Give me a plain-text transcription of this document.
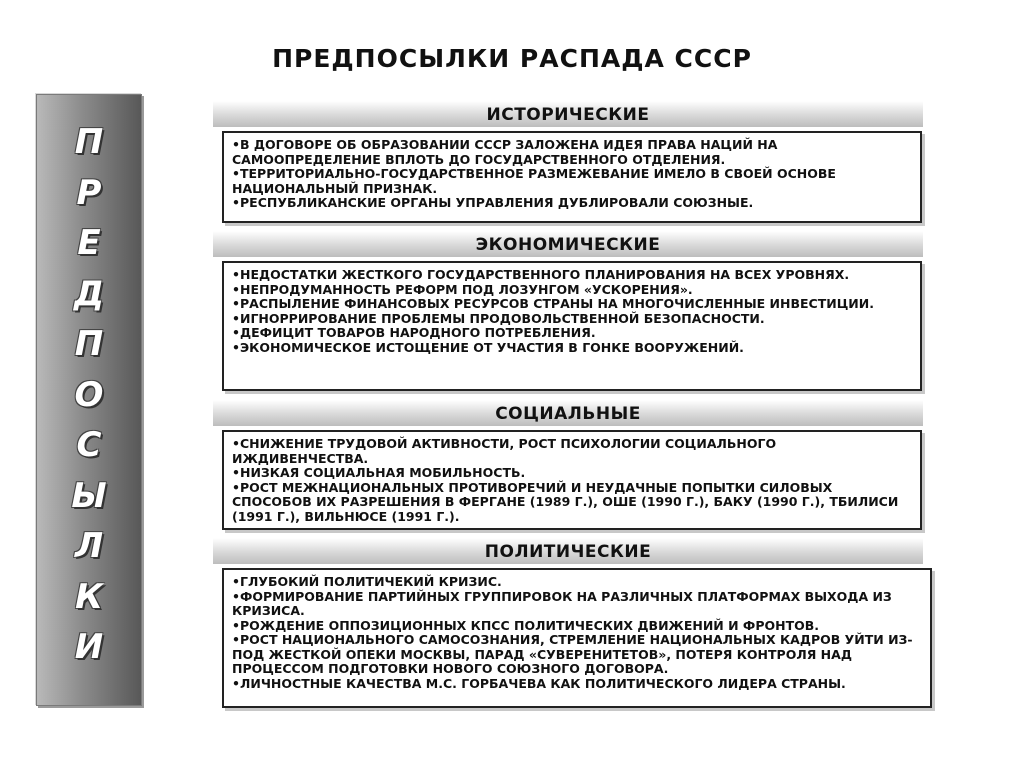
ПРЕДПОСЫЛКИ РАСПАДА СССР
П
Р
Е
Д
П
О
С
Ы
Л
К
И
ИСТОРИЧЕСКИЕ
•В ДОГОВОРЕ ОБ ОБРАЗОВАНИИ СССР ЗАЛОЖЕНА ИДЕЯ ПРАВА НАЦИЙ НА САМООПРЕДЕЛЕНИЕ ВПЛОТЬ ДО ГОСУДАРСТВЕННОГО ОТДЕЛЕНИЯ.
•ТЕРРИТОРИАЛЬНО-ГОСУДАРСТВЕННОЕ РАЗМЕЖЕВАНИЕ ИМЕЛО В СВОЕЙ ОСНОВЕ НАЦИОНАЛЬНЫЙ ПРИЗНАК.
•РЕСПУБЛИКАНСКИЕ ОРГАНЫ УПРАВЛЕНИЯ ДУБЛИРОВАЛИ СОЮЗНЫЕ.
ЭКОНОМИЧЕСКИЕ
•НЕДОСТАТКИ ЖЕСТКОГО ГОСУДАРСТВЕННОГО ПЛАНИРОВАНИЯ НА ВСЕХ УРОВНЯХ.
•НЕПРОДУМАННОСТЬ РЕФОРМ ПОД ЛОЗУНГОМ «УСКОРЕНИЯ».
•РАСПЫЛЕНИЕ ФИНАНСОВЫХ РЕСУРСОВ СТРАНЫ НА МНОГОЧИСЛЕННЫЕ ИНВЕСТИЦИИ.
•ИГНОРРИРОВАНИЕ ПРОБЛЕМЫ ПРОДОВОЛЬСТВЕННОЙ БЕЗОПАСНОСТИ.
•ДЕФИЦИТ ТОВАРОВ НАРОДНОГО ПОТРЕБЛЕНИЯ.
•ЭКОНОМИЧЕСКОЕ ИСТОЩЕНИЕ ОТ УЧАСТИЯ В ГОНКЕ ВООРУЖЕНИЙ.
СОЦИАЛЬНЫЕ
•СНИЖЕНИЕ ТРУДОВОЙ АКТИВНОСТИ, РОСТ ПСИХОЛОГИИ СОЦИАЛЬНОГО ИЖДИВЕНЧЕСТВА.
•НИЗКАЯ СОЦИАЛЬНАЯ МОБИЛЬНОСТЬ.
•РОСТ МЕЖНАЦИОНАЛЬНЫХ ПРОТИВОРЕЧИЙ И НЕУДАЧНЫЕ ПОПЫТКИ СИЛОВЫХ СПОСОБОВ ИХ РАЗРЕШЕНИЯ В ФЕРГАНЕ (1989 Г.), ОШЕ (1990 Г.), БАКУ (1990 Г.), ТБИЛИСИ (1991 Г.), ВИЛЬНЮСЕ (1991 Г.).
ПОЛИТИЧЕСКИЕ
•ГЛУБОКИЙ ПОЛИТИЧЕКИЙ КРИЗИС.
•ФОРМИРОВАНИЕ ПАРТИЙНЫХ ГРУППИРОВОК НА РАЗЛИЧНЫХ ПЛАТФОРМАХ ВЫХОДА ИЗ КРИЗИСА.
•РОЖДЕНИЕ ОППОЗИЦИОННЫХ КПСС ПОЛИТИЧЕСКИХ ДВИЖЕНИЙ И ФРОНТОВ.
•РОСТ НАЦИОНАЛЬНОГО САМОСОЗНАНИЯ, СТРЕМЛЕНИЕ НАЦИОНАЛЬНЫХ КАДРОВ УЙТИ ИЗ-ПОД ЖЕСТКОЙ ОПЕКИ МОСКВЫ, ПАРАД «СУВЕРЕНИТЕТОВ», ПОТЕРЯ КОНТРОЛЯ НАД ПРОЦЕССОМ ПОДГОТОВКИ НОВОГО СОЮЗНОГО ДОГОВОРА.
•ЛИЧНОСТНЫЕ КАЧЕСТВА М.С. ГОРБАЧЕВА КАК ПОЛИТИЧЕСКОГО ЛИДЕРА СТРАНЫ.
